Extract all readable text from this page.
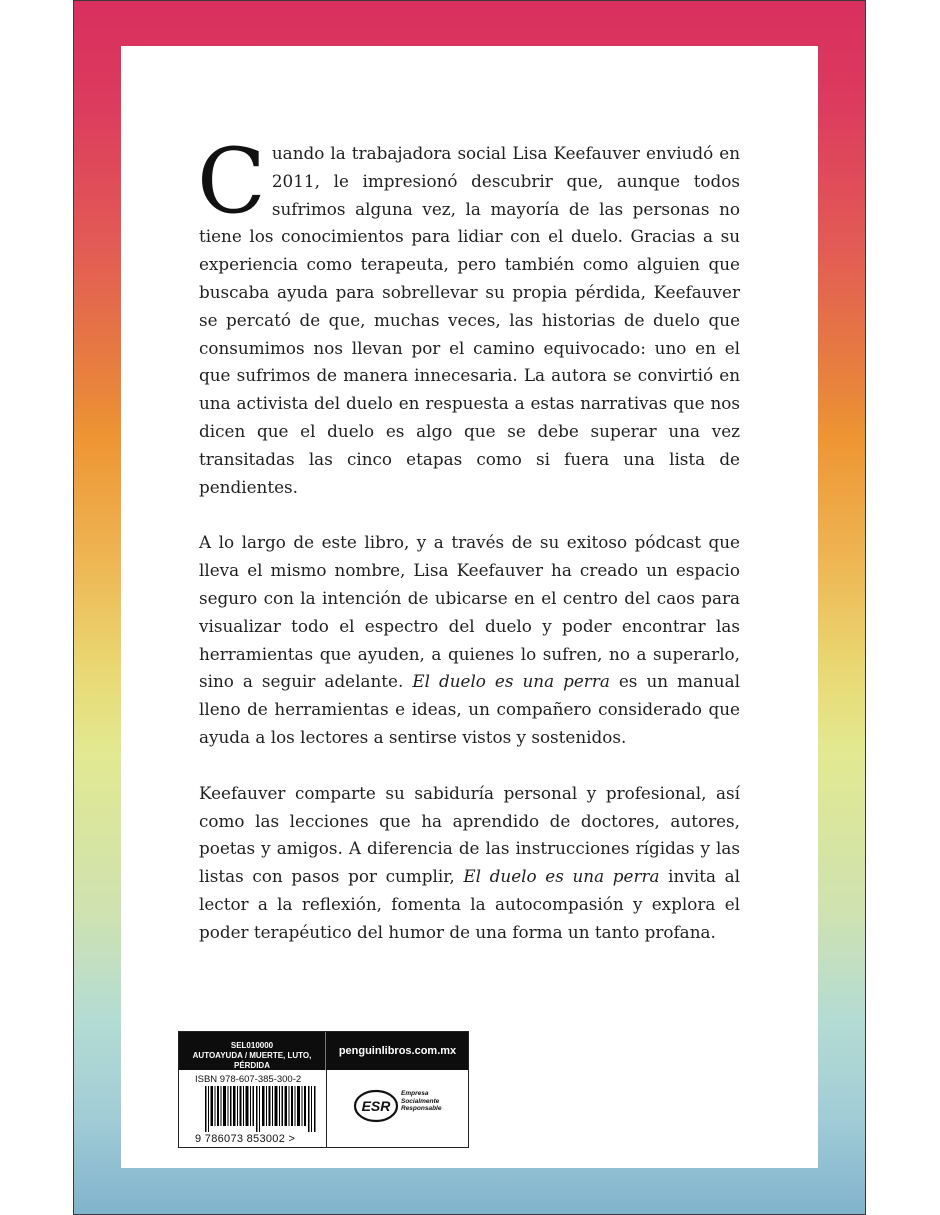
Cuando la trabajadora social Lisa Keefauver enviudó en 2011, le impresionó descubrir que, aunque todos sufrimos alguna vez, la mayoría de las personas no tiene los conocimientos para lidiar con el duelo. Gracias a su experiencia como terapeuta, pero también como alguien que buscaba ayuda para sobrellevar su propia pérdida, Keefauver se percató de que, muchas veces, las historias de duelo que consumimos nos llevan por el camino equivocado: uno en el que sufrimos de manera innecesaria. La autora se convirtió en una activista del duelo en respuesta a estas narrativas que nos dicen que el duelo es algo que se debe superar una vez transitadas las cinco etapas como si fuera una lista de pendientes.

A lo largo de este libro, y a través de su exitoso pódcast que lleva el mismo nombre, Lisa Keefauver ha creado un espacio seguro con la intención de ubicarse en el centro del caos para visualizar todo el espectro del duelo y poder encontrar las herramientas que ayuden, a quienes lo sufren, no a superarlo, sino a seguir adelante. El duelo es una perra es un manual lleno de herramientas e ideas, un compañero considerado que ayuda a los lectores a sentirse vistos y sostenidos.

Keefauver comparte su sabiduría personal y profesional, así como las lecciones que ha aprendido de doctores, autores, poetas y amigos. A diferencia de las instrucciones rígidas y las listas con pasos por cumplir, El duelo es una perra invita al lector a la reflexión, fomenta la autocompasión y explora el poder terapéutico del humor de una forma un tanto profana.

SEL010000
AUTOAYUDA / MUERTE, LUTO, PÉRDIDA
penguinlibros.com.mx
ISBN 978-607-385-300-2
9 786073 853002 >
ESR
Empresa
Socialmente
Responsable
